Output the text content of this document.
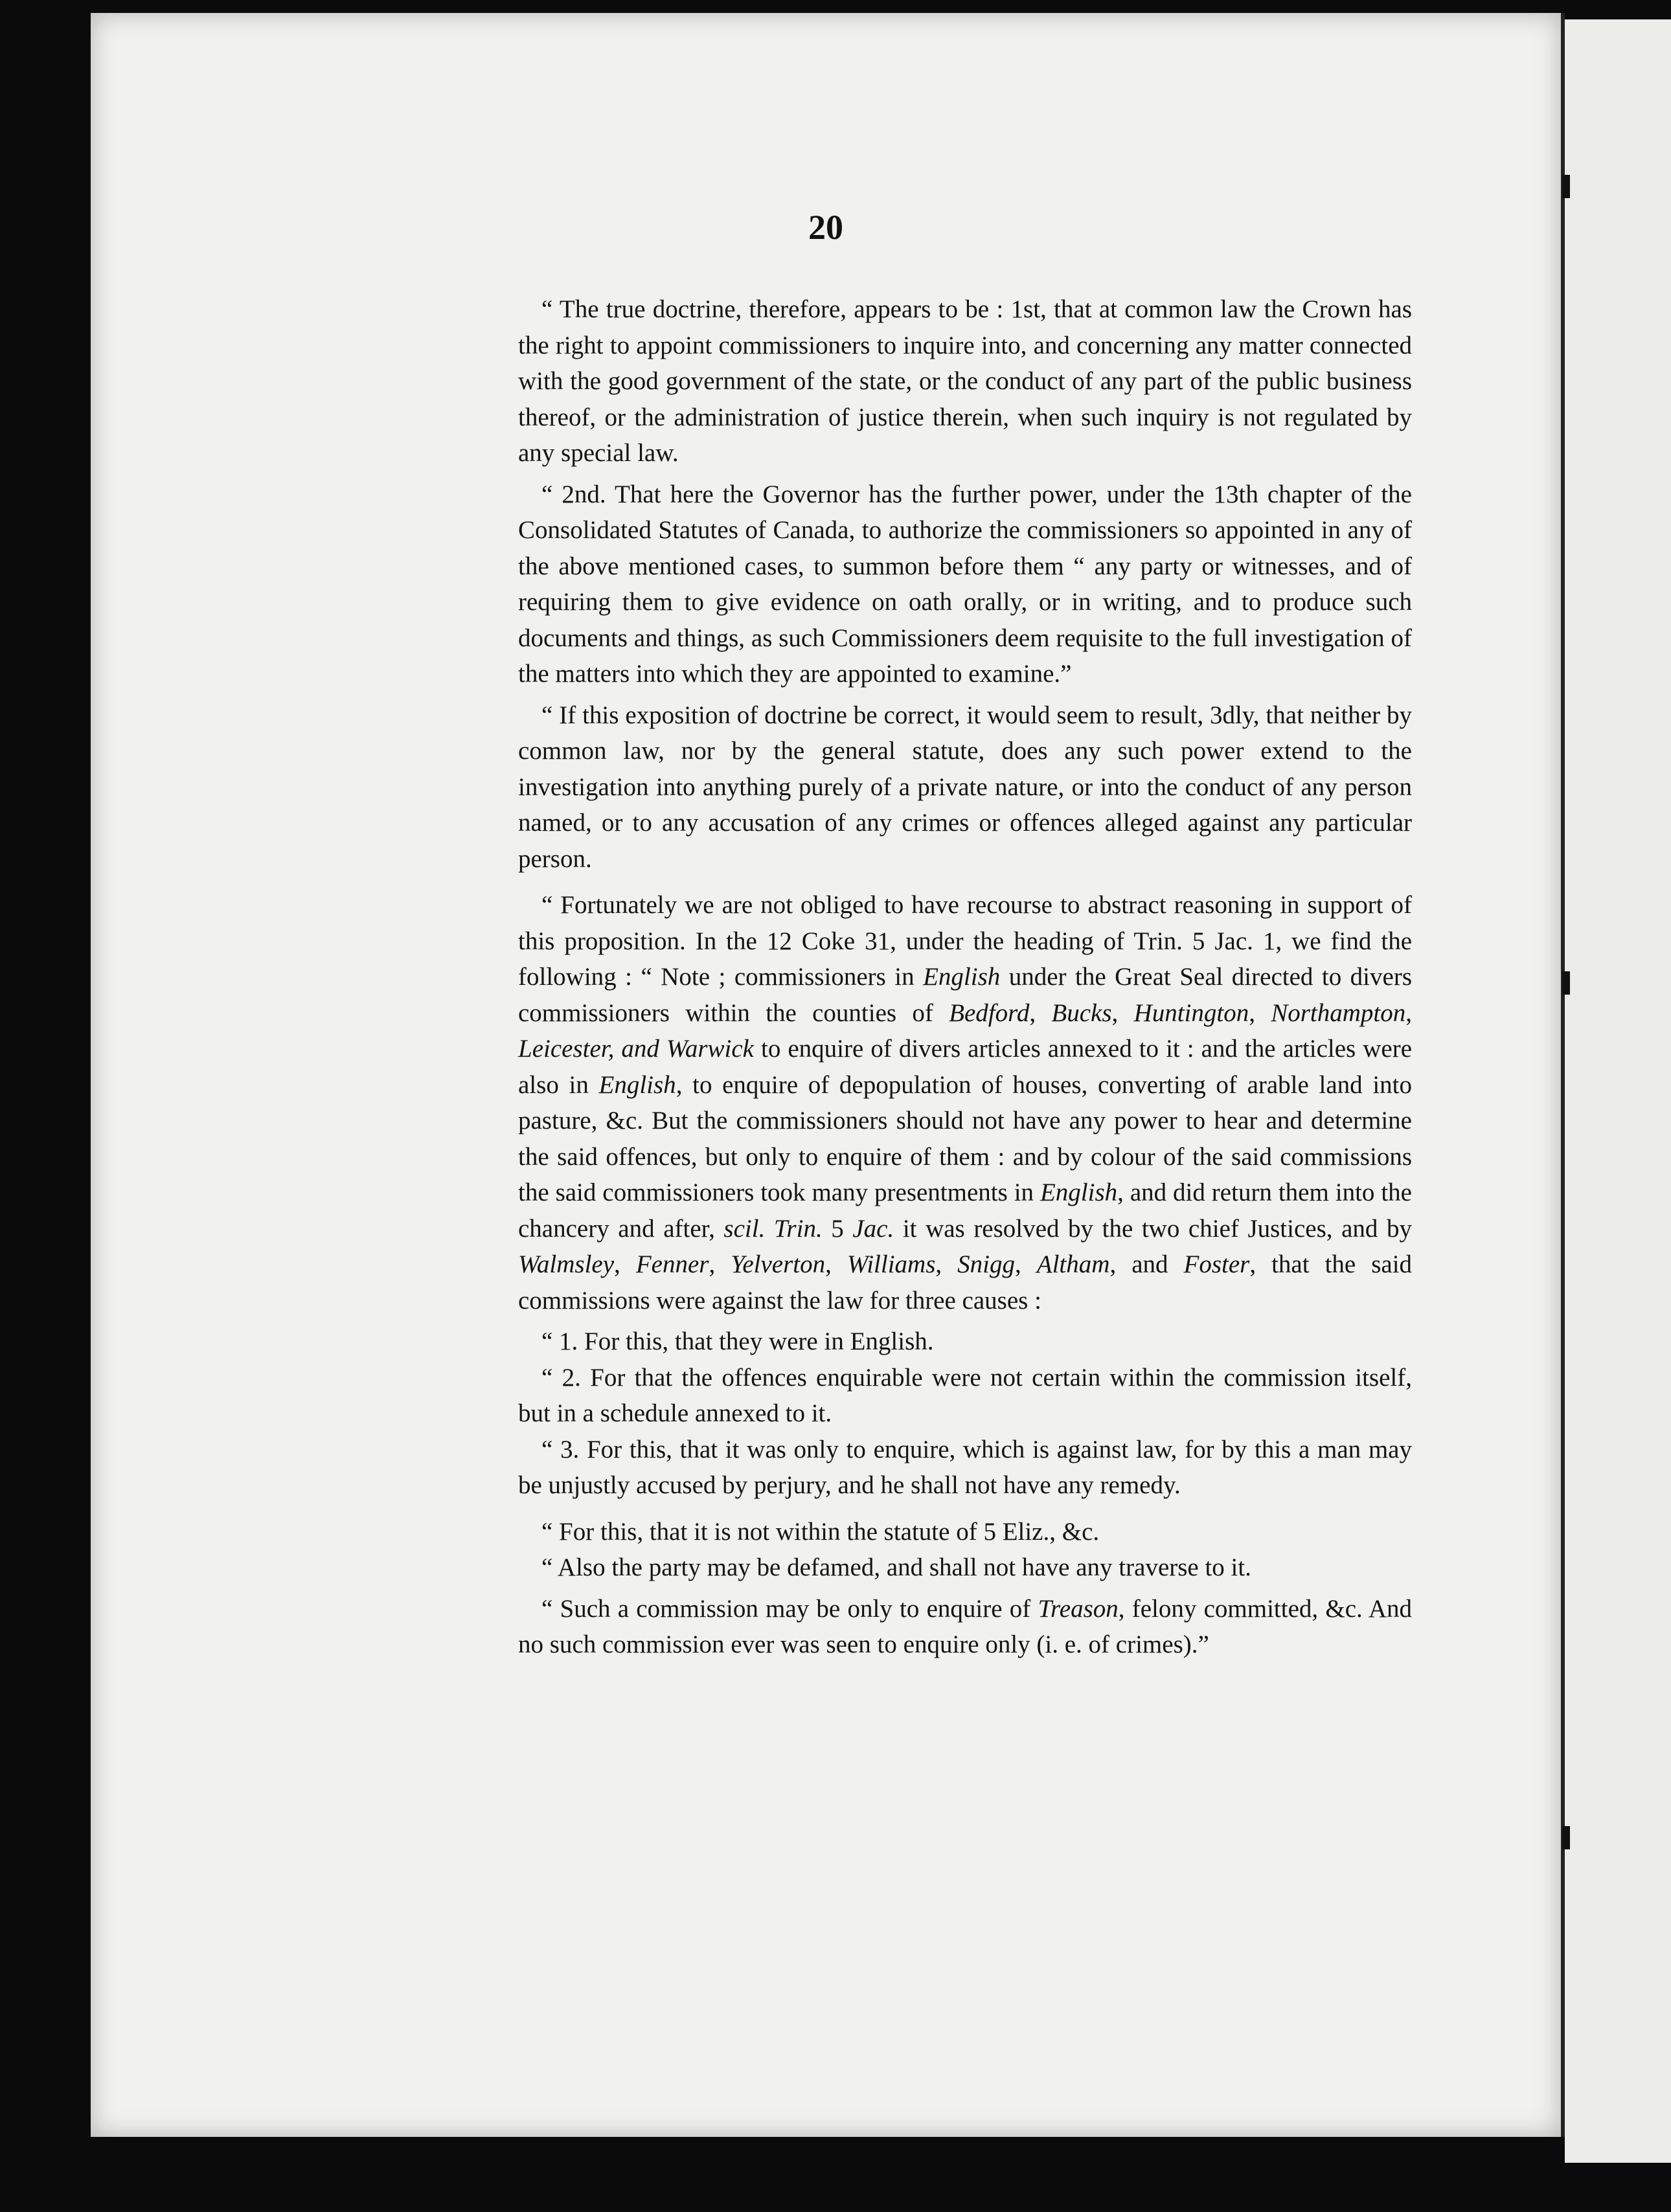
20

“ The true doctrine, therefore, appears to be : 1st, that at common law the Crown has the right to appoint commissioners to inquire into, and concerning any matter connected with the good government of the state, or the conduct of any part of the public business thereof, or the administration of justice therein, when such inquiry is not regulated by any special law.

“ 2nd. That here the Governor has the further power, under the 13th chapter of the Consolidated Statutes of Canada, to authorize the commissioners so appointed in any of the above mentioned cases, to summon before them “ any party or witnesses, and of requiring them to give evidence on oath orally, or in writing, and to produce such documents and things, as such Commissioners deem requisite to the full investigation of the matters into which they are appointed to examine.”

“ If this exposition of doctrine be correct, it would seem to result, 3dly, that neither by common law, nor by the general statute, does any such power extend to the investigation into anything purely of a private nature, or into the conduct of any person named, or to any accusation of any crimes or offences alleged against any particular person.

“ Fortunately we are not obliged to have recourse to abstract reasoning in support of this proposition. In the 12 Coke 31, under the heading of Trin. 5 Jac. 1, we find the following : “ Note ; commissioners in English under the Great Seal directed to divers commissioners within the counties of Bedford, Bucks, Huntington, Northampton, Leicester, and Warwick to enquire of divers articles annexed to it : and the articles were also in English, to enquire of depopulation of houses, converting of arable land into pasture, &c. But the commissioners should not have any power to hear and determine the said offences, but only to enquire of them : and by colour of the said commissions the said commissioners took many presentments in English, and did return them into the chancery and after, scil. Trin. 5 Jac. it was resolved by the two chief Justices, and by Walmsley, Fenner, Yelverton, Williams, Snigg, Altham, and Foster, that the said commissions were against the law for three causes :

“ 1. For this, that they were in English.

“ 2. For that the offences enquirable were not certain within the commission itself, but in a schedule annexed to it.

“ 3. For this, that it was only to enquire, which is against law, for by this a man may be unjustly accused by perjury, and he shall not have any remedy.

“ For this, that it is not within the statute of 5 Eliz., &c.

“ Also the party may be defamed, and shall not have any traverse to it.

“ Such a commission may be only to enquire of Treason, felony committed, &c. And no such commission ever was seen to enquire only (i. e. of crimes).”
